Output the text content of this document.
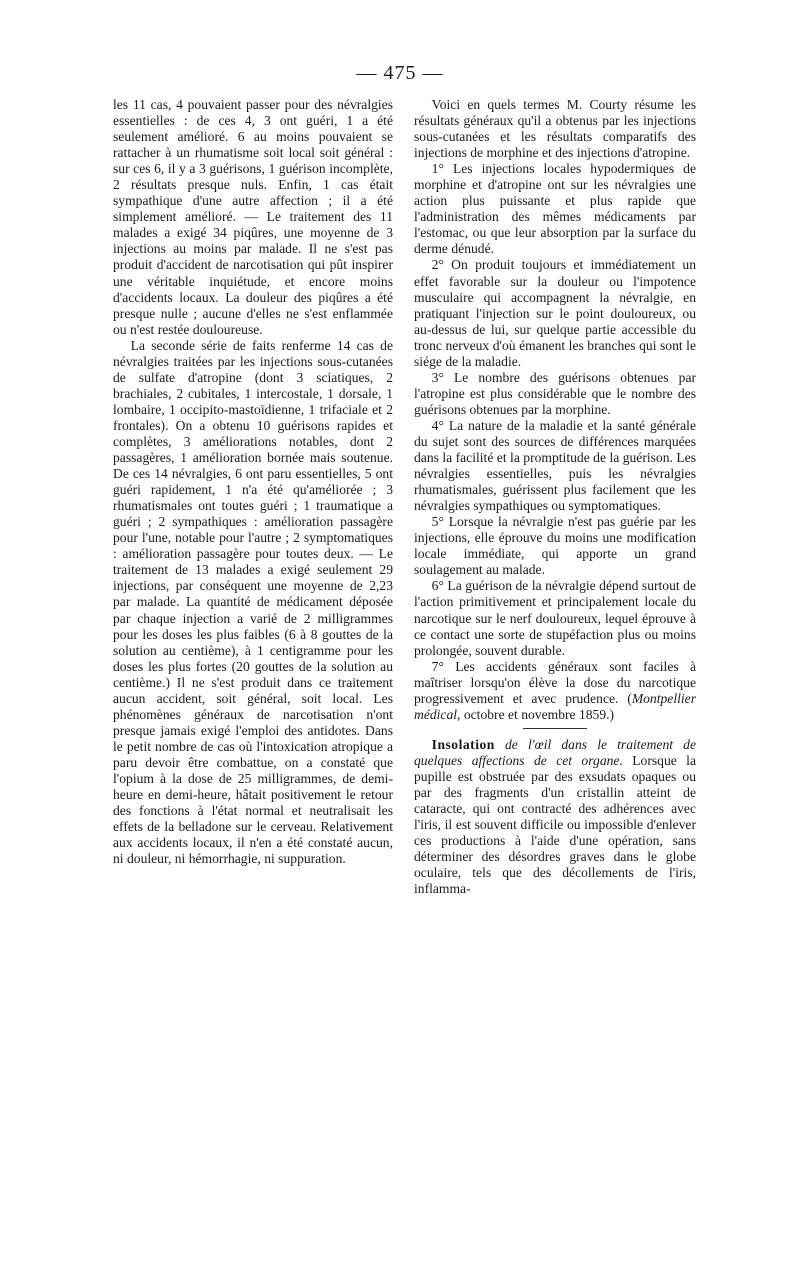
— 475 —

les 11 cas, 4 pouvaient passer pour des névralgies essentielles : de ces 4, 3 ont guéri, 1 a été seulement amélioré. 6 au moins pouvaient se rattacher à un rhumatisme soit local soit général : sur ces 6, il y a 3 guérisons, 1 guérison incomplète, 2 résultats presque nuls. Enfin, 1 cas était sympathique d'une autre affection ; il a été simplement amélioré. — Le traitement des 11 malades a exigé 34 piqûres, une moyenne de 3 injections au moins par malade. Il ne s'est pas produit d'accident de narcotisation qui pût inspirer une véritable inquiétude, et encore moins d'accidents locaux. La douleur des piqûres a été presque nulle ; aucune d'elles ne s'est enflammée ou n'est restée douloureuse.

La seconde série de faits renferme 14 cas de névralgies traitées par les injections sous-cutanées de sulfate d'atropine (dont 3 sciatiques, 2 brachiales, 2 cubitales, 1 intercostale, 1 dorsale, 1 lombaire, 1 occipito-mastoïdienne, 1 trifaciale et 2 frontales). On a obtenu 10 guérisons rapides et complètes, 3 améliorations notables, dont 2 passagères, 1 amélioration bornée mais soutenue. De ces 14 névralgies, 6 ont paru essentielles, 5 ont guéri rapidement, 1 n'a été qu'améliorée ; 3 rhumatismales ont toutes guéri ; 1 traumatique a guéri ; 2 sympathiques : amélioration passagère pour l'une, notable pour l'autre ; 2 symptomatiques : amélioration passagère pour toutes deux. — Le traitement de 13 malades a exigé seulement 29 injections, par conséquent une moyenne de 2,23 par malade. La quantité de médicament déposée par chaque injection a varié de 2 milligrammes pour les doses les plus faibles (6 à 8 gouttes de la solution au centième), à 1 centigramme pour les doses les plus fortes (20 gouttes de la solution au centième.) Il ne s'est produit dans ce traitement aucun accident, soit général, soit local. Les phénomènes généraux de narcotisation n'ont presque jamais exigé l'emploi des antidotes. Dans le petit nombre de cas où l'intoxication atropique a paru devoir être combattue, on a constaté que l'opium à la dose de 25 milligrammes, de demi-heure en demi-heure, hâtait positivement le retour des fonctions à l'état normal et neutralisait les effets de la belladone sur le cerveau. Relativement aux accidents locaux, il n'en a été constaté aucun, ni douleur, ni hémorrhagie, ni suppuration.

Voici en quels termes M. Courty résume les résultats généraux qu'il a obtenus par les injections sous-cutanées et les résultats comparatifs des injections de morphine et des injections d'atropine.

1° Les injections locales hypodermiques de morphine et d'atropine ont sur les névralgies une action plus puissante et plus rapide que l'administration des mêmes médicaments par l'estomac, ou que leur absorption par la surface du derme dénudé.

2° On produit toujours et immédiatement un effet favorable sur la douleur ou l'impotence musculaire qui accompagnent la névralgie, en pratiquant l'injection sur le point douloureux, ou au-dessus de lui, sur quelque partie accessible du tronc nerveux d'où émanent les branches qui sont le siége de la maladie.

3° Le nombre des guérisons obtenues par l'atropine est plus considérable que le nombre des guérisons obtenues par la morphine.

4° La nature de la maladie et la santé générale du sujet sont des sources de différences marquées dans la facilité et la promptitude de la guérison. Les névralgies essentielles, puis les névralgies rhumatismales, guérissent plus facilement que les névralgies sympathiques ou symptomatiques.

5° Lorsque la névralgie n'est pas guérie par les injections, elle éprouve du moins une modification locale immédiate, qui apporte un grand soulagement au malade.

6° La guérison de la névralgie dépend surtout de l'action primitivement et principalement locale du narcotique sur le nerf douloureux, lequel éprouve à ce contact une sorte de stupéfaction plus ou moins prolongée, souvent durable.

7° Les accidents généraux sont faciles à maîtriser lorsqu'on élève la dose du narcotique progressivement et avec prudence. (Montpellier médical, octobre et novembre 1859.)

Insolation de l'œil dans le traitement de quelques affections de cet organe. Lorsque la pupille est obstruée par des exsudats opaques ou par des fragments d'un cristallin atteint de cataracte, qui ont contracté des adhérences avec l'iris, il est souvent difficile ou impossible d'enlever ces productions à l'aide d'une opération, sans déterminer des désordres graves dans le globe oculaire, tels que des décollements de l'iris, inflamma-
